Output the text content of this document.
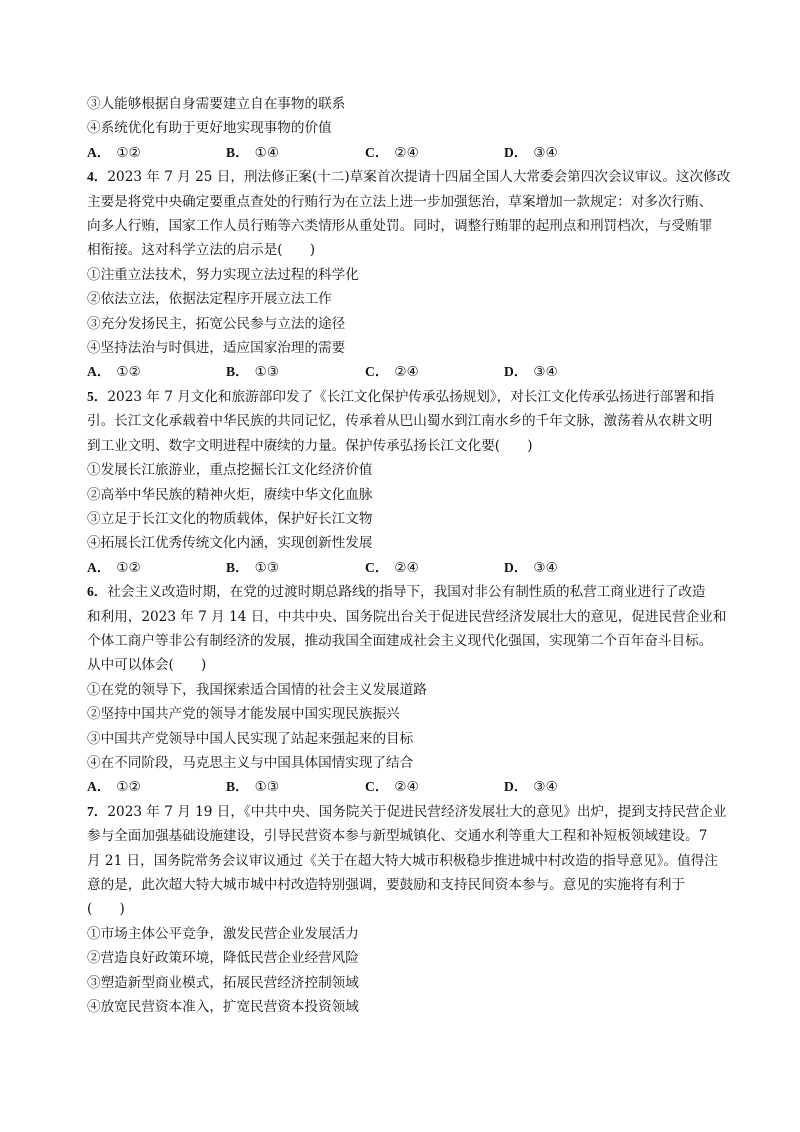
③人能够根据自身需要建立自在事物的联系
④系统优化有助于更好地实现事物的价值
A． ①②	B． ①④	C． ②④	D． ③④
4．2023 年 7 月 25 日，刑法修正案(十二)草案首次提请十四届全国人大常委会第四次会议审议。这次修改
主要是将党中央确定要重点查处的行贿行为在立法上进一步加强惩治，草案增加一款规定：对多次行贿、
向多人行贿，国家工作人员行贿等六类情形从重处罚。同时，调整行贿罪的起刑点和刑罚档次，与受贿罪
相衔接。这对科学立法的启示是(　　)
①注重立法技术，努力实现立法过程的科学化
②依法立法，依据法定程序开展立法工作
③充分发扬民主，拓宽公民参与立法的途径
④坚持法治与时俱进，适应国家治理的需要
A． ①②	B． ①③	C． ②④	D． ③④
5．2023 年 7 月文化和旅游部印发了《长江文化保护传承弘扬规划》，对长江文化传承弘扬进行部署和指
引。长江文化承载着中华民族的共同记忆，传承着从巴山蜀水到江南水乡的千年文脉，激荡着从农耕文明
到工业文明、数字文明进程中赓续的力量。保护传承弘扬长江文化要(　　)
①发展长江旅游业，重点挖掘长江文化经济价值
②高举中华民族的精神火炬，赓续中华文化血脉
③立足于长江文化的物质载体，保护好长江文物
④拓展长江优秀传统文化内涵，实现创新性发展
A． ①②	B． ①③	C． ②④	D． ③④
6．社会主义改造时期，在党的过渡时期总路线的指导下，我国对非公有制性质的私营工商业进行了改造
和利用，2023 年 7 月 14 日，中共中央、国务院出台关于促进民营经济发展壮大的意见，促进民营企业和
个体工商户等非公有制经济的发展，推动我国全面建成社会主义现代化强国，实现第二个百年奋斗目标。
从中可以体会(　　)
①在党的领导下，我国探索适合国情的社会主义发展道路
②坚持中国共产党的领导才能发展中国实现民族振兴
③中国共产党领导中国人民实现了站起来强起来的目标
④在不同阶段，马克思主义与中国具体国情实现了结合
A． ①②	B． ①③	C． ②④	D． ③④
7．2023 年 7 月 19 日，《中共中央、国务院关于促进民营经济发展壮大的意见》出炉，提到支持民营企业
参与全面加强基础设施建设，引导民营资本参与新型城镇化、交通水利等重大工程和补短板领域建设。7
月 21 日，国务院常务会议审议通过《关于在超大特大城市积极稳步推进城中村改造的指导意见》。值得注
意的是，此次超大特大城市城中村改造特别强调，要鼓励和支持民间资本参与。意见的实施将有利于
(　　)
①市场主体公平竞争，激发民营企业发展活力
②营造良好政策环境，降低民营企业经营风险
③塑造新型商业模式，拓展民营经济控制领域
④放宽民营资本准入，扩宽民营资本投资领域
